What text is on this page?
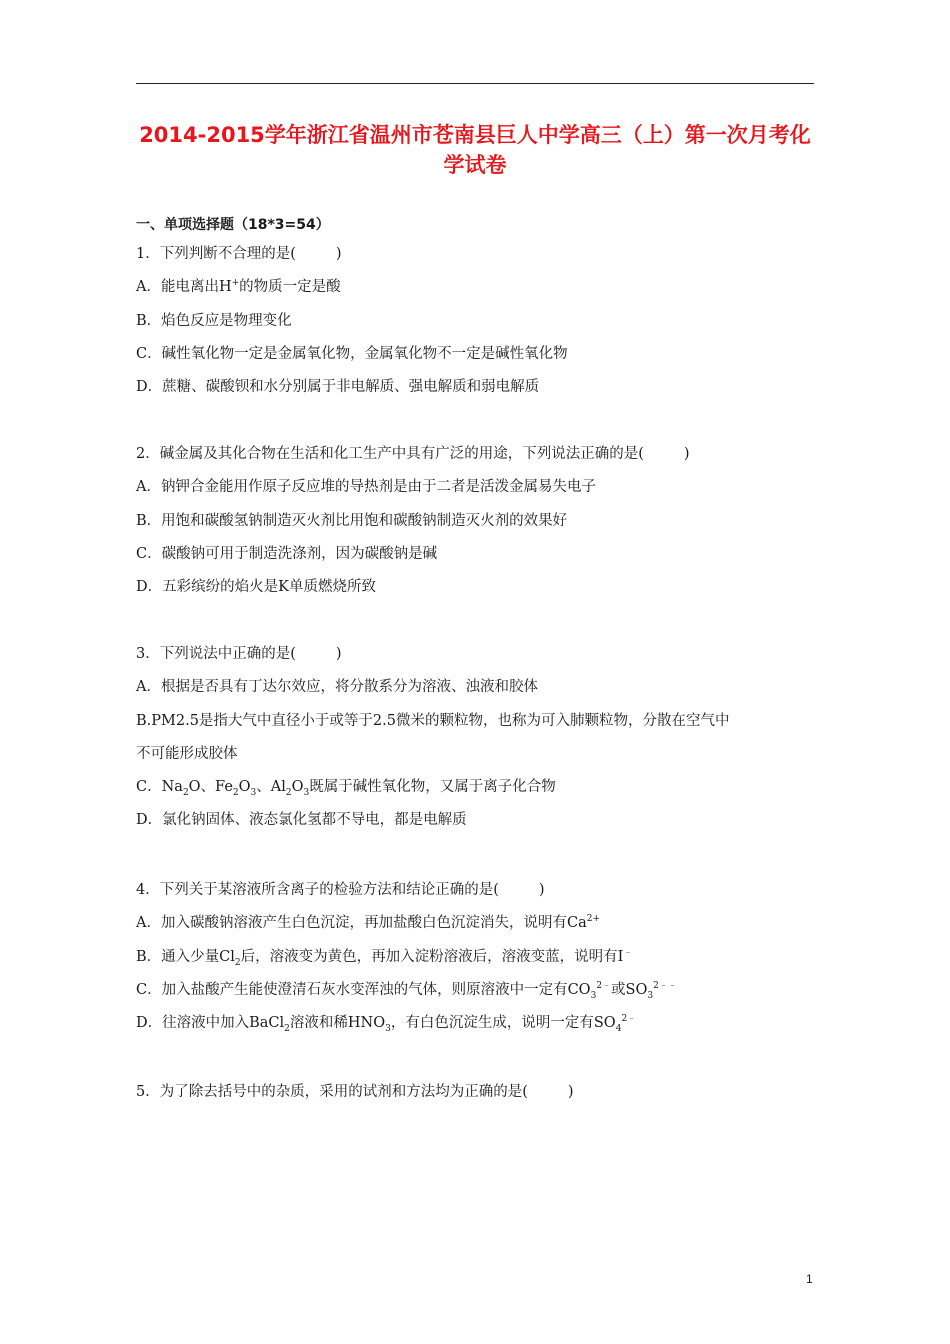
2014-2015学年浙江省温州市苍南县巨人中学高三（上）第一次月考化
学试卷
一、单项选择题（18*3=54）
1．下列判断不合理的是(	)
A．能电离出H+的物质一定是酸
B．焰色反应是物理变化
C．碱性氧化物一定是金属氧化物，金属氧化物不一定是碱性氧化物
D．蔗糖、碳酸钡和水分别属于非电解质、强电解质和弱电解质
2．碱金属及其化合物在生活和化工生产中具有广泛的用途，下列说法正确的是(	)
A．钠钾合金能用作原子反应堆的导热剂是由于二者是活泼金属易失电子
B．用饱和碳酸氢钠制造灭火剂比用饱和碳酸钠制造灭火剂的效果好
C．碳酸钠可用于制造洗涤剂，因为碳酸钠是碱
D．五彩缤纷的焰火是K单质燃烧所致
3．下列说法中正确的是(	)
A．根据是否具有丁达尔效应，将分散系分为溶液、浊液和胶体
B.PM2.5是指大气中直径小于或等于2.5微米的颗粒物，也称为可入肺颗粒物，分散在空气中
不可能形成胶体
C．$Na_2O$、$Fe_2O_3$、$Al_2O_3$既属于碱性氧化物，又属于离子化合物
D．氯化钠固体、液态氯化氢都不导电，都是电解质
4．下列关于某溶液所含离子的检验方法和结论正确的是(	)
A．加入碳酸钠溶液产生白色沉淀，再加盐酸白色沉淀消失，说明有$Ca^{2+}$
B．通入少量$Cl_2$后，溶液变为黄色，再加入淀粉溶液后，溶液变蓝，说明有I﹣
C．加入盐酸产生能使澄清石灰水变浑浊的气体，则原溶液中一定有$CO_3^{2﹣}$或$SO_3^{2﹣﹣}$
D．往溶液中加入BaCl$_2$溶液和稀$HNO_3$，有白色沉淀生成，说明一定有$SO_4^{2﹣}$
5．为了除去括号中的杂质，采用的试剂和方法均为正确的是(	)
1
